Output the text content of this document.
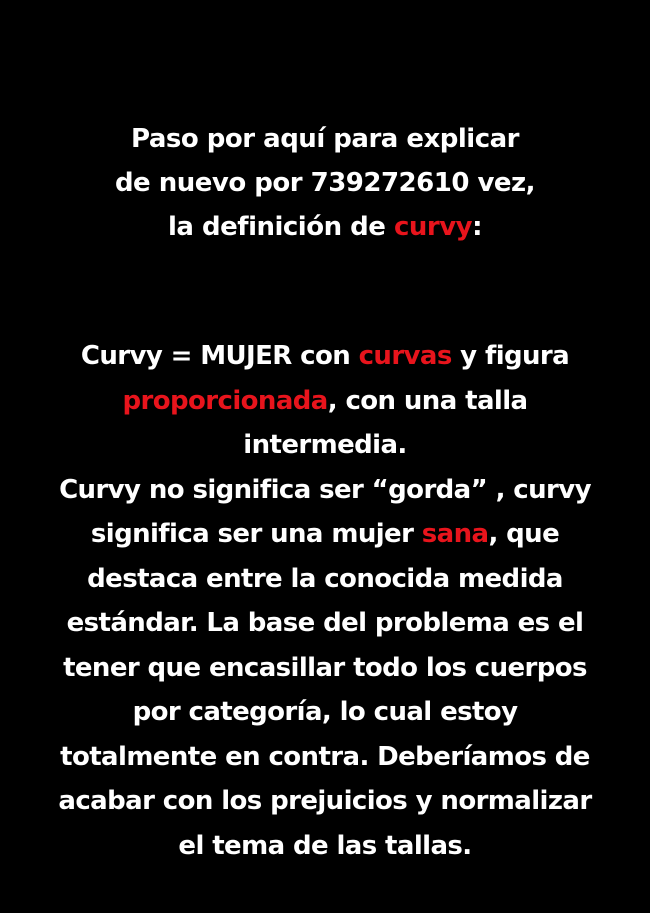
Paso por aquí para explicar
de nuevo por 739272610 vez,
la definición de curvy:
Curvy = MUJER con curvas y figura
proporcionada, con una talla
intermedia.
Curvy no significa ser “gorda” , curvy
significa ser una mujer sana, que
destaca entre la conocida medida
estándar. La base del problema es el
tener que encasillar todo los cuerpos
por categoría, lo cual estoy
totalmente en contra. Deberíamos de
acabar con los prejuicios y normalizar
el tema de las tallas.
